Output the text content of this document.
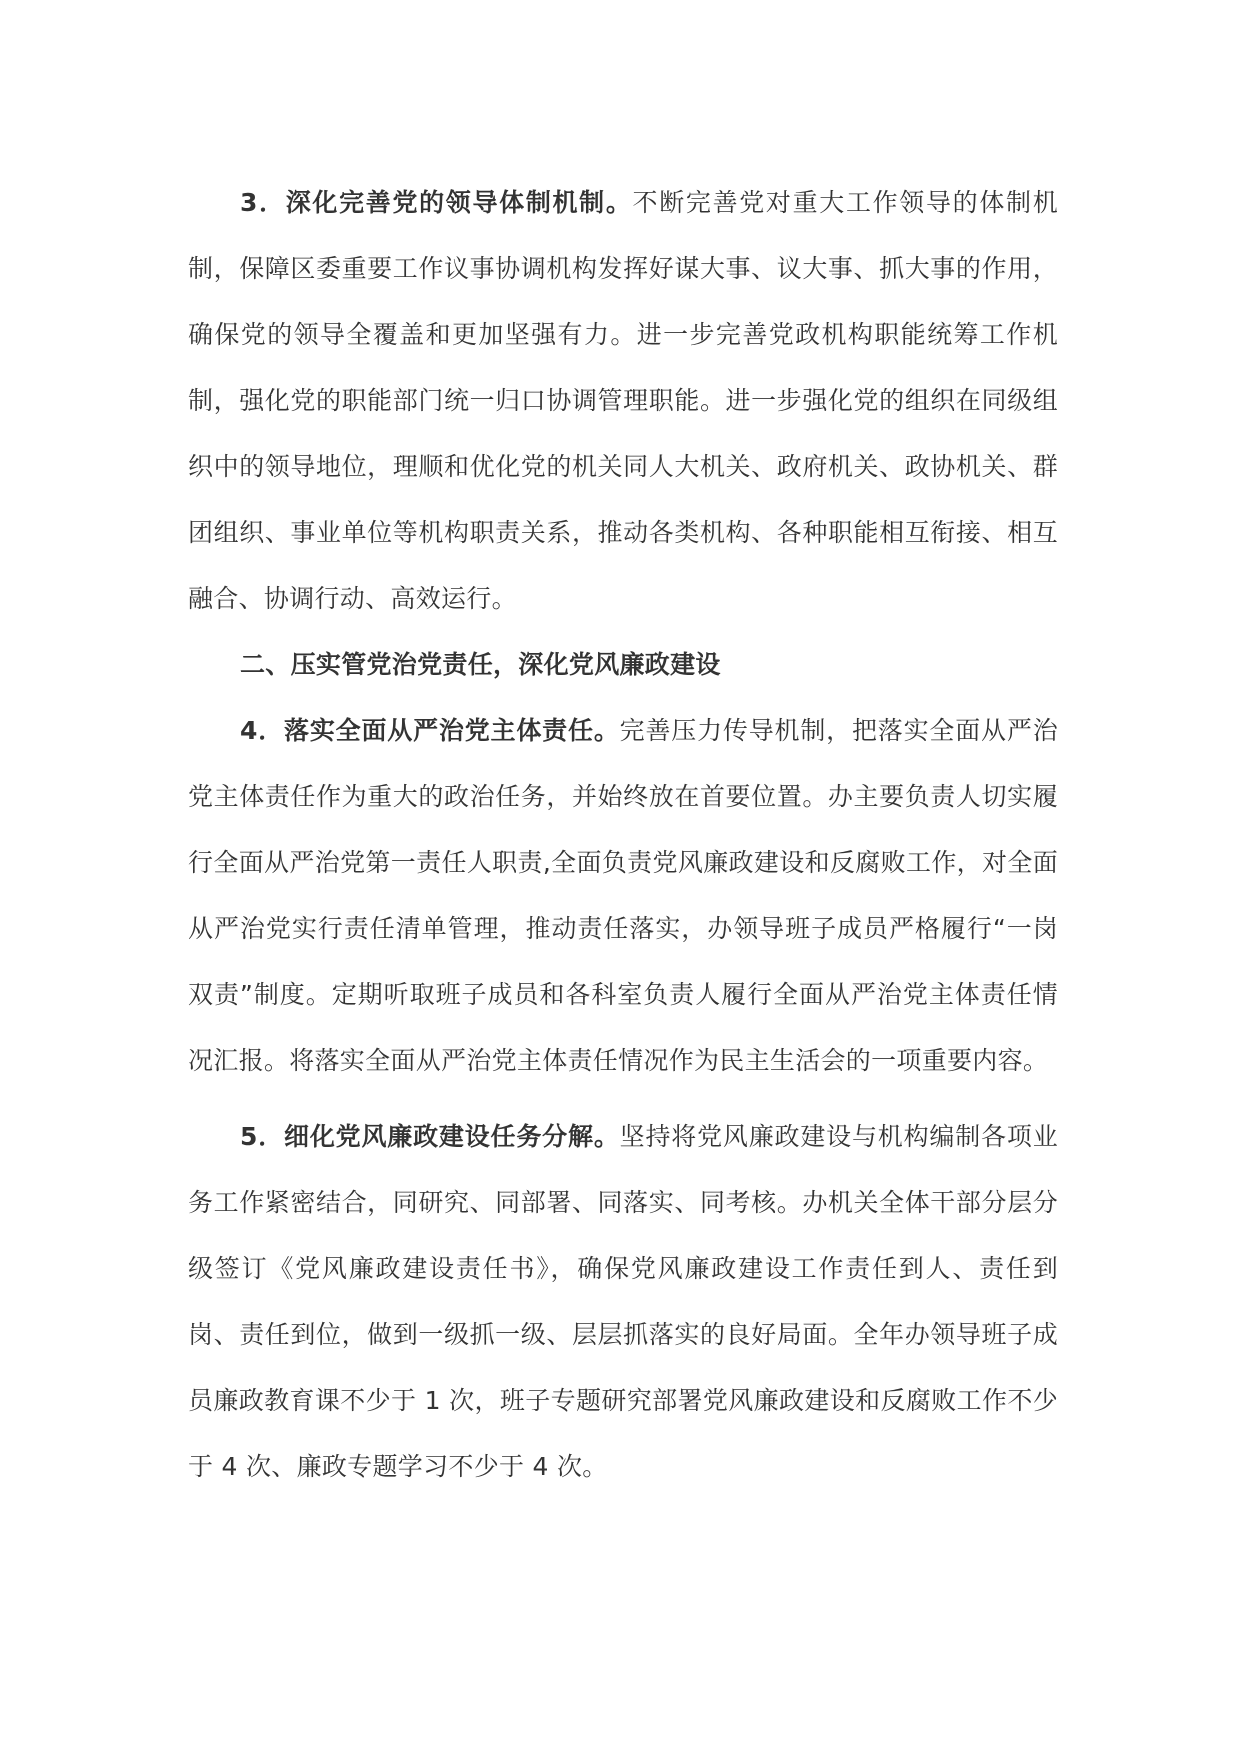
3．深化完善党的领导体制机制。不断完善党对重大工作领导的体制机制，保障区委重要工作议事协调机构发挥好谋大事、议大事、抓大事的作用，确保党的领导全覆盖和更加坚强有力。进一步完善党政机构职能统筹工作机制，强化党的职能部门统一归口协调管理职能。进一步强化党的组织在同级组织中的领导地位，理顺和优化党的机关同人大机关、政府机关、政协机关、群团组织、事业单位等机构职责关系，推动各类机构、各种职能相互衔接、相互融合、协调行动、高效运行。

二、压实管党治党责任，深化党风廉政建设

4．落实全面从严治党主体责任。完善压力传导机制，把落实全面从严治党主体责任作为重大的政治任务，并始终放在首要位置。办主要负责人切实履行全面从严治党第一责任人职责,全面负责党风廉政建设和反腐败工作，对全面从严治党实行责任清单管理，推动责任落实，办领导班子成员严格履行“一岗双责”制度。定期听取班子成员和各科室负责人履行全面从严治党主体责任情况汇报。将落实全面从严治党主体责任情况作为民主生活会的一项重要内容。

5．细化党风廉政建设任务分解。坚持将党风廉政建设与机构编制各项业务工作紧密结合，同研究、同部署、同落实、同考核。办机关全体干部分层分级签订《党风廉政建设责任书》，确保党风廉政建设工作责任到人、责任到岗、责任到位，做到一级抓一级、层层抓落实的良好局面。全年办领导班子成员廉政教育课不少于 1 次，班子专题研究部署党风廉政建设和反腐败工作不少于 4 次、廉政专题学习不少于 4 次。
